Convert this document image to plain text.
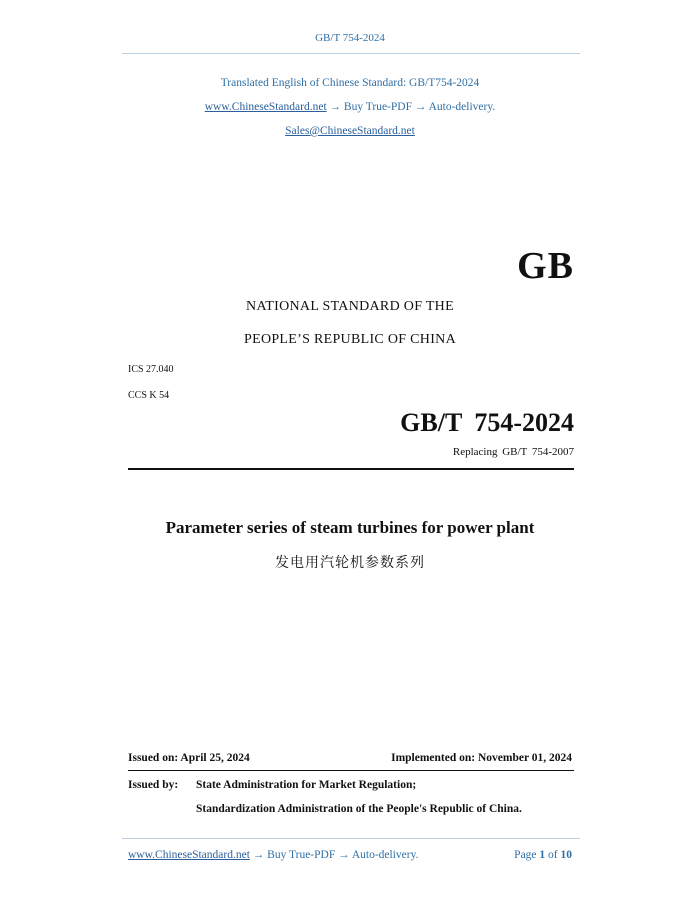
GB/T 754-2024
Translated English of Chinese Standard: GB/T754-2024
www.ChineseStandard.net → Buy True-PDF → Auto-delivery.
Sales@ChineseStandard.net
GB
NATIONAL STANDARD OF THE
PEOPLE’S REPUBLIC OF CHINA
ICS 27.040
CCS K 54
GB/T 754-2024
Replacing GB/T 754-2007
Parameter series of steam turbines for power plant
发电用汽轮机参数系列
Issued on: April 25, 2024	Implemented on: November 01, 2024
Issued by: State Administration for Market Regulation;
Standardization Administration of the People's Republic of China.
www.ChineseStandard.net → Buy True-PDF → Auto-delivery.	Page 1 of 10
